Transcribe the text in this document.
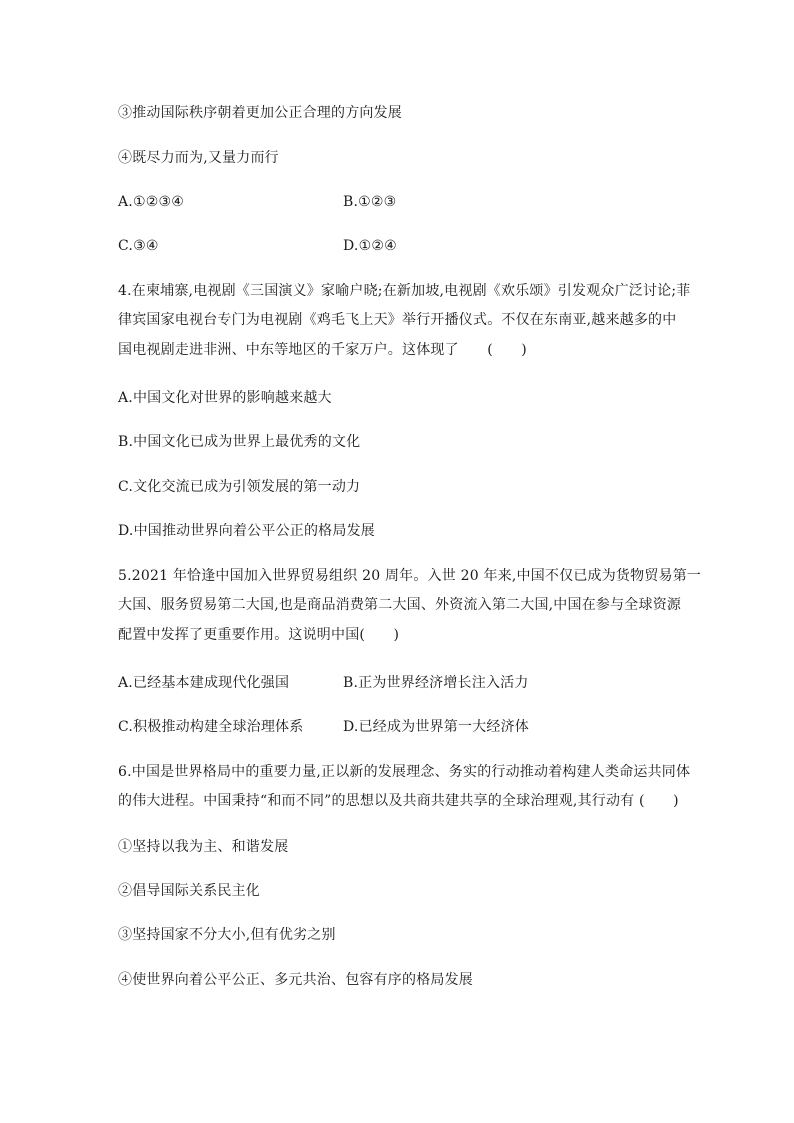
③推动国际秩序朝着更加公正合理的方向发展
④既尽力而为,又量力而行
A.①②③④	B.①②③
C.③④	D.①②④
4.在柬埔寨,电视剧《三国演义》家喻户晓;在新加坡,电视剧《欢乐颂》引发观众广泛讨论;菲
律宾国家电视台专门为电视剧《鸡毛飞上天》举行开播仪式。不仅在东南亚,越来越多的中
国电视剧走进非洲、中东等地区的千家万户。这体现了　　(　　)
A.中国文化对世界的影响越来越大
B.中国文化已成为世界上最优秀的文化
C.文化交流已成为引领发展的第一动力
D.中国推动世界向着公平公正的格局发展
5.2021 年恰逢中国加入世界贸易组织 20 周年。入世 20 年来,中国不仅已成为货物贸易第一
大国、服务贸易第二大国,也是商品消费第二大国、外资流入第二大国,中国在参与全球资源
配置中发挥了更重要作用。这说明中国(　　)
A.已经基本建成现代化强国	B.正为世界经济增长注入活力
C.积极推动构建全球治理体系	D.已经成为世界第一大经济体
6.中国是世界格局中的重要力量,正以新的发展理念、务实的行动推动着构建人类命运共同体
的伟大进程。中国秉持“和而不同”的思想以及共商共建共享的全球治理观,其行动有 (　　)
①坚持以我为主、和谐发展
②倡导国际关系民主化
③坚持国家不分大小,但有优劣之别
④使世界向着公平公正、多元共治、包容有序的格局发展
